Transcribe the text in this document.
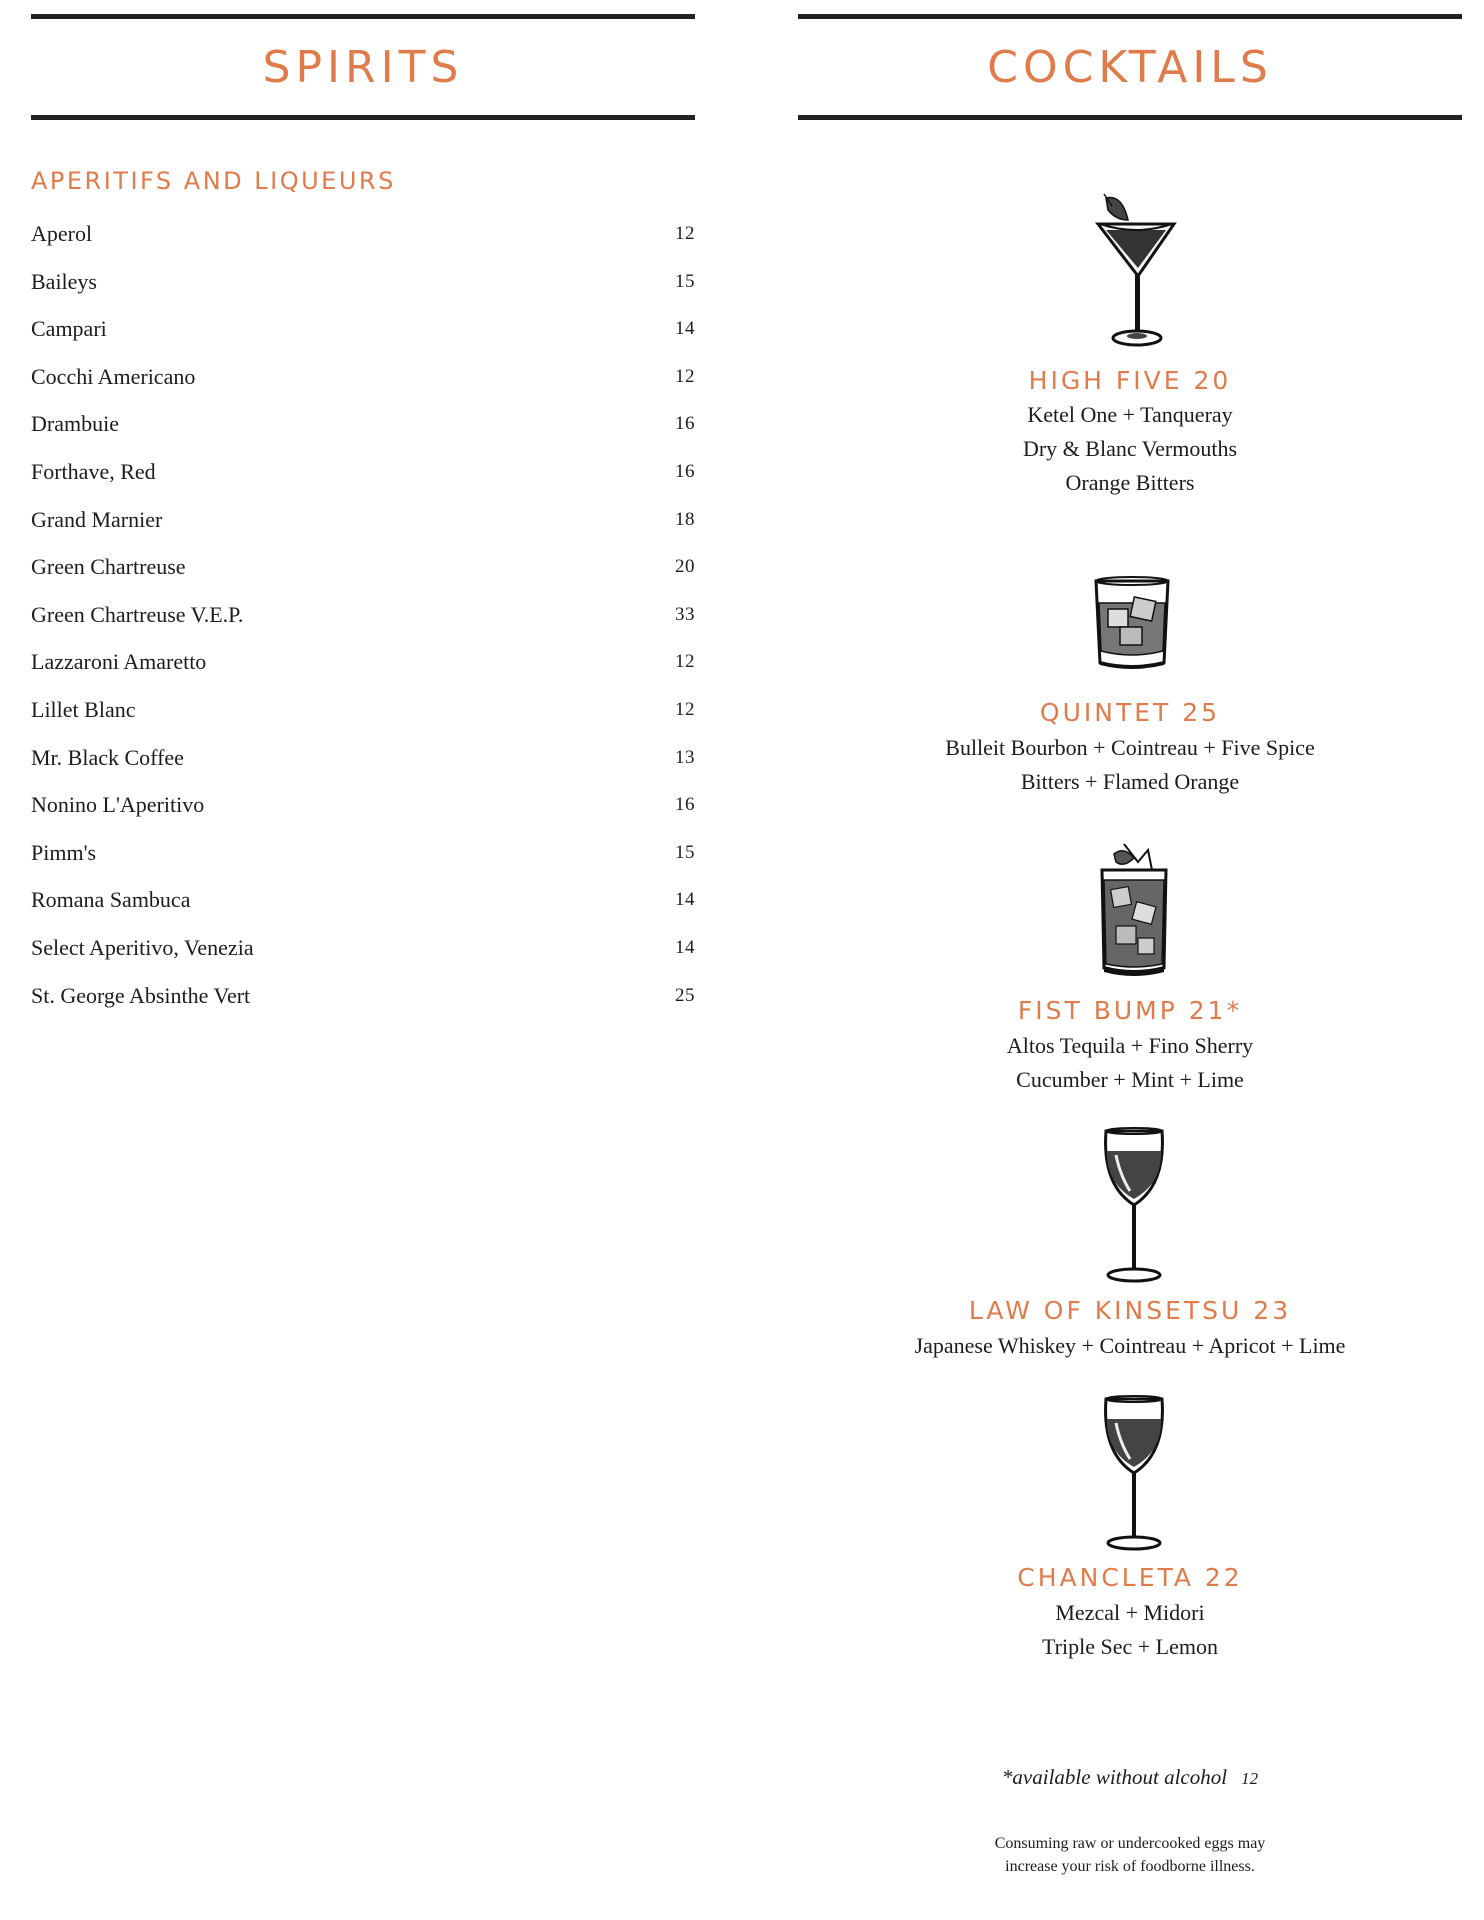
SPIRITS
APERITIFS AND LIQUEURS
Aperol	12
Baileys	15
Campari	14
Cocchi Americano	12
Drambuie	16
Forthave, Red	16
Grand Marnier	18
Green Chartreuse	20
Green Chartreuse V.E.P.	33
Lazzaroni Amaretto	12
Lillet Blanc	12
Mr. Black Coffee	13
Nonino L'Aperitivo	16
Pimm's	15
Romana Sambuca	14
Select Aperitivo, Venezia	14
St. George Absinthe Vert	25
COCKTAILS
HIGH FIVE 20
Ketel One + Tanqueray
Dry & Blanc Vermouths
Orange Bitters
QUINTET 25
Bulleit Bourbon + Cointreau + Five Spice
Bitters + Flamed Orange
FIST BUMP 21*
Altos Tequila + Fino Sherry
Cucumber + Mint + Lime
LAW OF KINSETSU 23
Japanese Whiskey + Cointreau + Apricot + Lime
CHANCLETA 22
Mezcal + Midori
Triple Sec + Lemon
*available without alcohol 12
Consuming raw or undercooked eggs may
increase your risk of foodborne illness.
